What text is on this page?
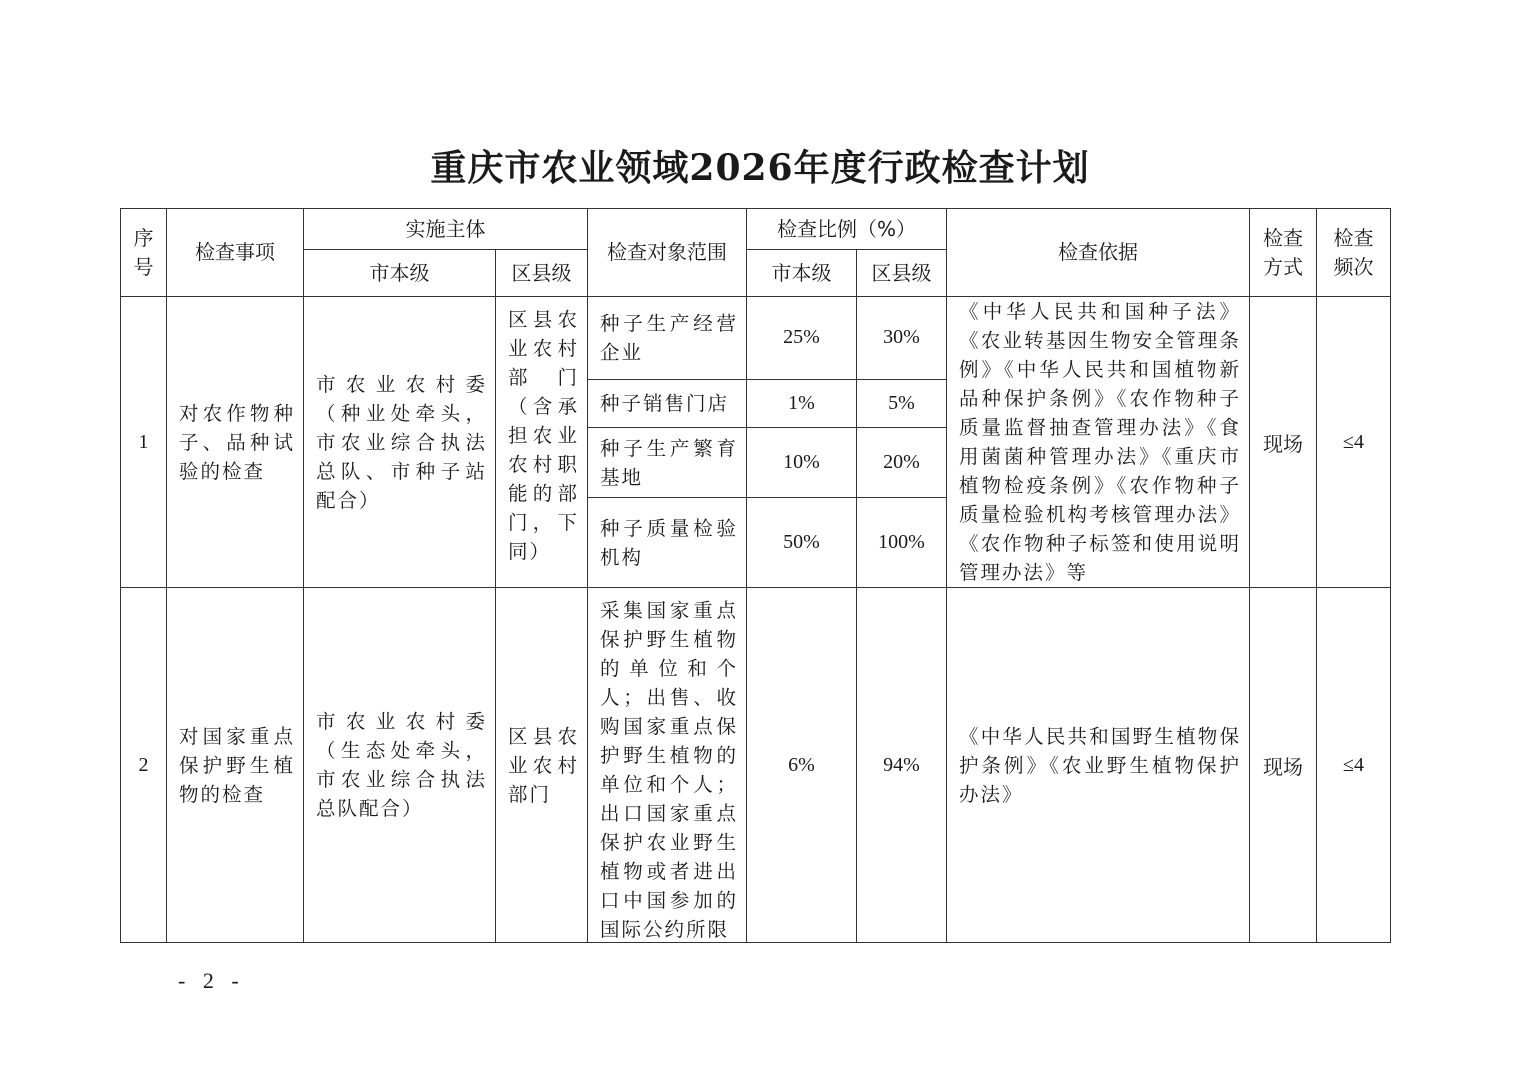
重庆市农业领域2026年度行政检查计划
序号	检查事项	实施主体		检查对象范围	检查比例（%）		检查依据	检查方式	检查频次
		市本级	区县级		市本级	区县级			
1	对农作物种子、品种试验的检查	市农业农村委（种业处牵头，市农业综合执法总队、市种子站配合）	区县农业农村部门（含承担农业农村职能的部门，下同）	种子生产经营企业	25%	30%	《中华人民共和国种子法》《农业转基因生物安全管理条例》《中华人民共和国植物新品种保护条例》《农作物种子质量监督抽查管理办法》《食用菌菌种管理办法》《重庆市植物检疫条例》《农作物种子质量检验机构考核管理办法》《农作物种子标签和使用说明管理办法》等	现场	≤4
				种子销售门店	1%	5%			
				种子生产繁育基地	10%	20%			
				种子质量检验机构	50%	100%			
2	对国家重点保护野生植物的检查	市农业农村委（生态处牵头，市农业综合执法总队配合）	区县农业农村部门	采集国家重点保护野生植物的单位和个人；出售、收购国家重点保护野生植物的单位和个人；出口国家重点保护农业野生植物或者进出口中国参加的国际公约所限	6%	94%	《中华人民共和国野生植物保护条例》《农业野生植物保护办法》	现场	≤4
- 2 -
